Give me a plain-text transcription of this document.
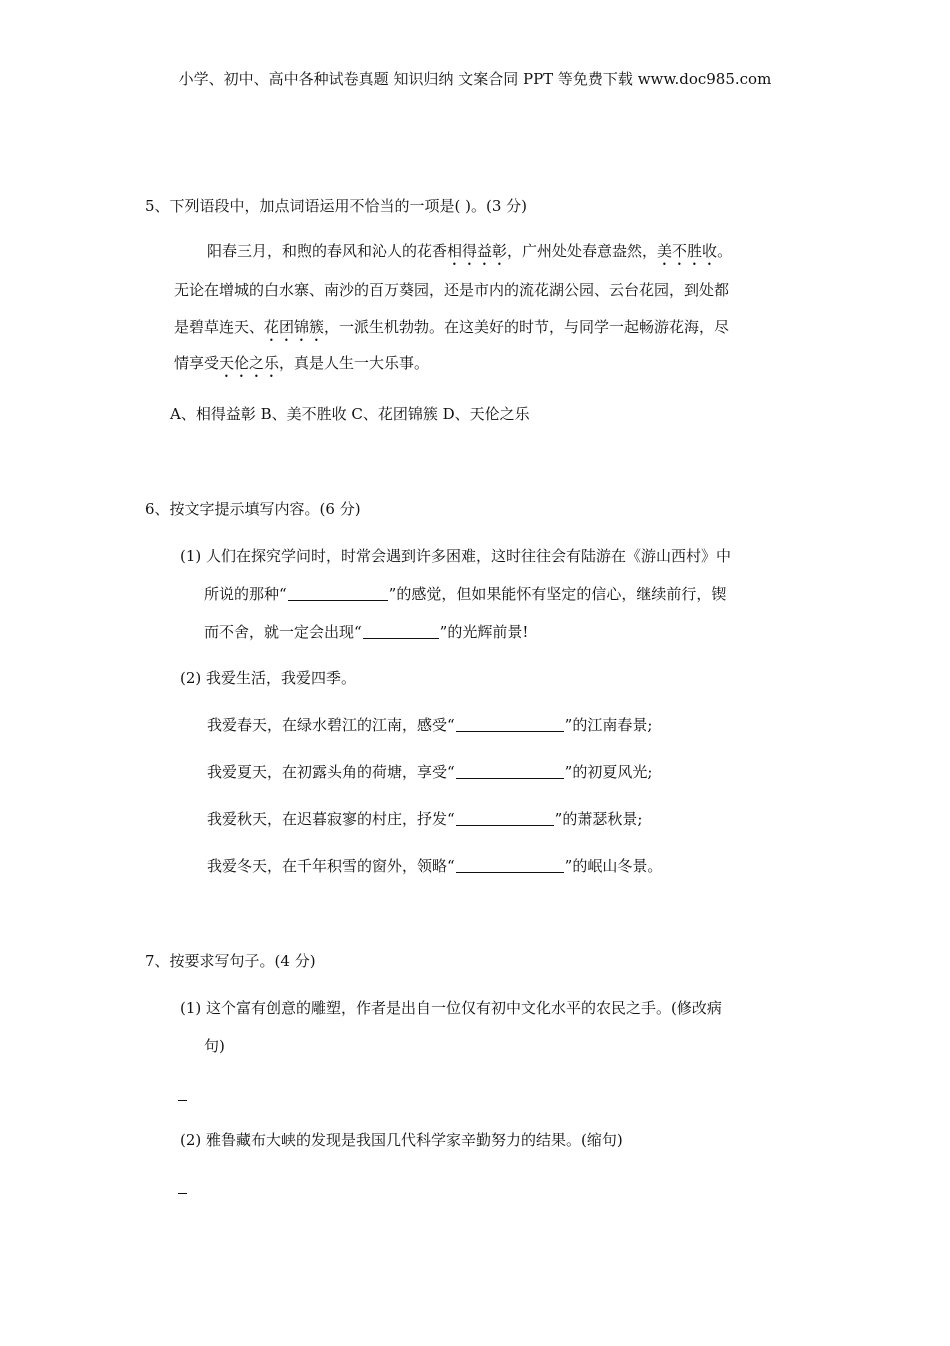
小学、初中、高中各种试卷真题 知识归纳 文案合同 PPT 等免费下载 www.doc985.com
5、下列语段中，加点词语运用不恰当的一项是( )。(3 分)
阳春三月，和煦的春风和沁人的花香相得益彰，广州处处春意盎然，美不胜收。
无论在增城的白水寨、南沙的百万葵园，还是市内的流花湖公园、云台花园，到处都
是碧草连天、花团锦簇，一派生机勃勃。在这美好的时节，与同学一起畅游花海，尽
情享受天伦之乐，真是人生一大乐事。
A、相得益彰 B、美不胜收 C、花团锦簇 D、天伦之乐
6、按文字提示填写内容。(6 分)
(1) 人们在探究学问时，时常会遇到许多困难，这时往往会有陆游在《游山西村》中
所说的那种“	”的感觉，但如果能怀有坚定的信心，继续前行，锲
而不舍，就一定会出现“	”的光辉前景!
(2) 我爱生活，我爱四季。
我爱春天，在绿水碧江的江南，感受“	”的江南春景;
我爱夏天，在初露头角的荷塘，享受“	”的初夏风光;
我爱秋天，在迟暮寂寥的村庄，抒发“	”的萧瑟秋景;
我爱冬天，在千年积雪的窗外，领略“	”的岷山冬景。
7、按要求写句子。(4 分)
(1) 这个富有创意的雕塑，作者是出自一位仅有初中文化水平的农民之手。(修改病
句)
(2) 雅鲁藏布大峡的发现是我国几代科学家辛勤努力的结果。(缩句)
